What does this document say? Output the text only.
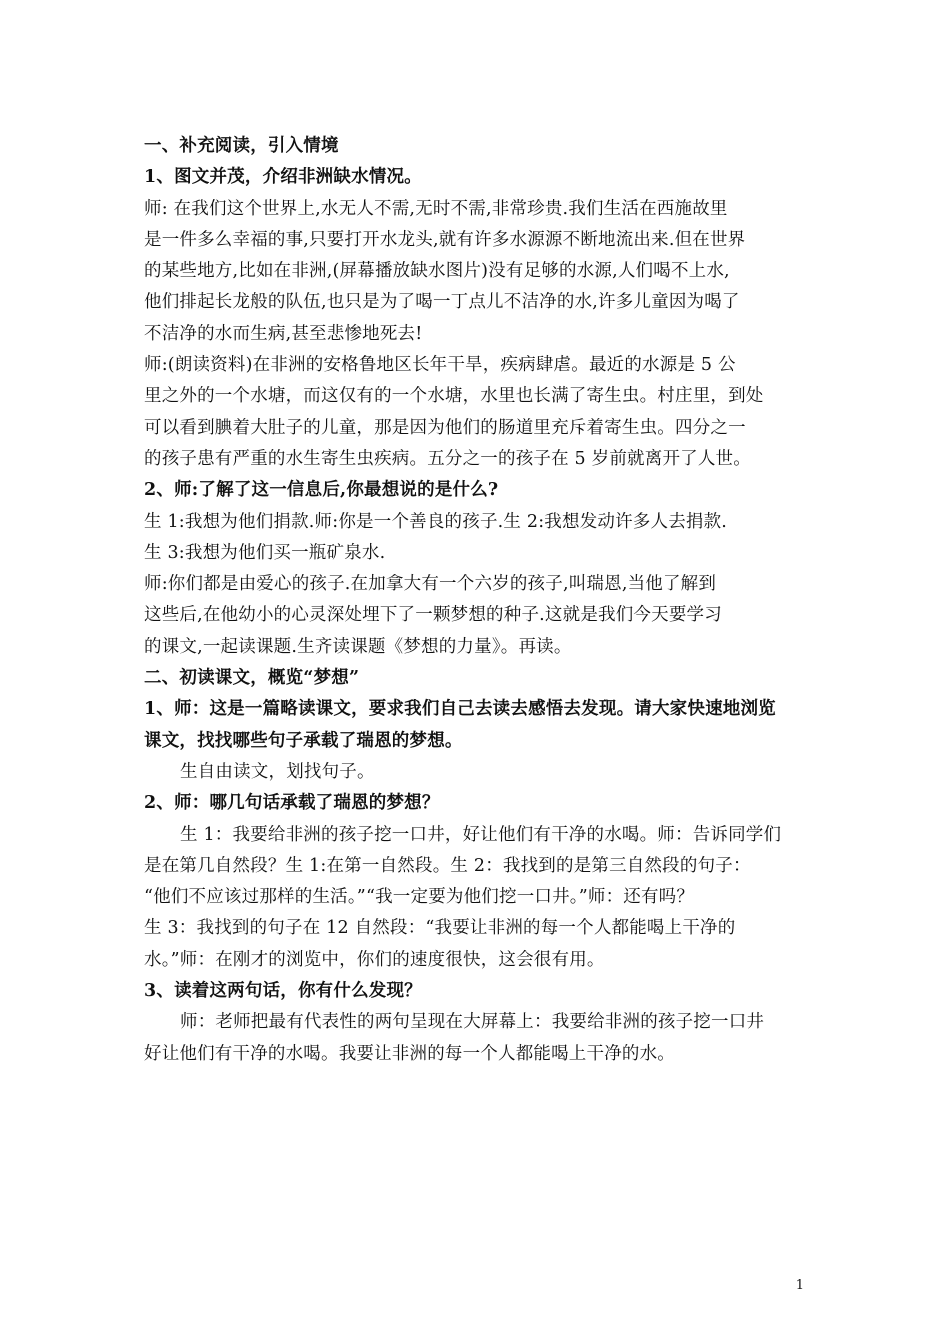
一、补充阅读，引入情境
1、图文并茂，介绍非洲缺水情况。
师: 在我们这个世界上,水无人不需,无时不需,非常珍贵.我们生活在西施故里
是一件多么幸福的事,只要打开水龙头,就有许多水源源不断地流出来.但在世界
的某些地方,比如在非洲,(屏幕播放缺水图片)没有足够的水源,人们喝不上水,
他们排起长龙般的队伍,也只是为了喝一丁点儿不洁净的水,许多儿童因为喝了
不洁净的水而生病,甚至悲惨地死去!
师:(朗读资料)在非洲的安格鲁地区长年干旱，疾病肆虐。最近的水源是 5 公
里之外的一个水塘，而这仅有的一个水塘，水里也长满了寄生虫。村庄里，到处
可以看到腆着大肚子的儿童，那是因为他们的肠道里充斥着寄生虫。四分之一
的孩子患有严重的水生寄生虫疾病。五分之一的孩子在 5 岁前就离开了人世。
2、师:了解了这一信息后,你最想说的是什么?
生 1:我想为他们捐款.师:你是一个善良的孩子.生 2:我想发动许多人去捐款.
生 3:我想为他们买一瓶矿泉水.
师:你们都是由爱心的孩子.在加拿大有一个六岁的孩子,叫瑞恩,当他了解到
这些后,在他幼小的心灵深处埋下了一颗梦想的种子.这就是我们今天要学习
的课文,一起读课题.生齐读课题《梦想的力量》。再读。
二、初读课文，概览“梦想”
1、师：这是一篇略读课文，要求我们自己去读去感悟去发现。请大家快速地浏览
课文，找找哪些句子承载了瑞恩的梦想。
生自由读文，划找句子。
2、师：哪几句话承载了瑞恩的梦想？
生 1：我要给非洲的孩子挖一口井，好让他们有干净的水喝。师：告诉同学们
是在第几自然段？生 1:在第一自然段。生 2：我找到的是第三自然段的句子：
“他们不应该过那样的生活。”“我一定要为他们挖一口井。”师：还有吗？
生 3：我找到的句子在 12 自然段：“我要让非洲的每一个人都能喝上干净的
水。”师：在刚才的浏览中，你们的速度很快，这会很有用。
3、读着这两句话，你有什么发现？
师：老师把最有代表性的两句呈现在大屏幕上：我要给非洲的孩子挖一口井
好让他们有干净的水喝。我要让非洲的每一个人都能喝上干净的水。
1
